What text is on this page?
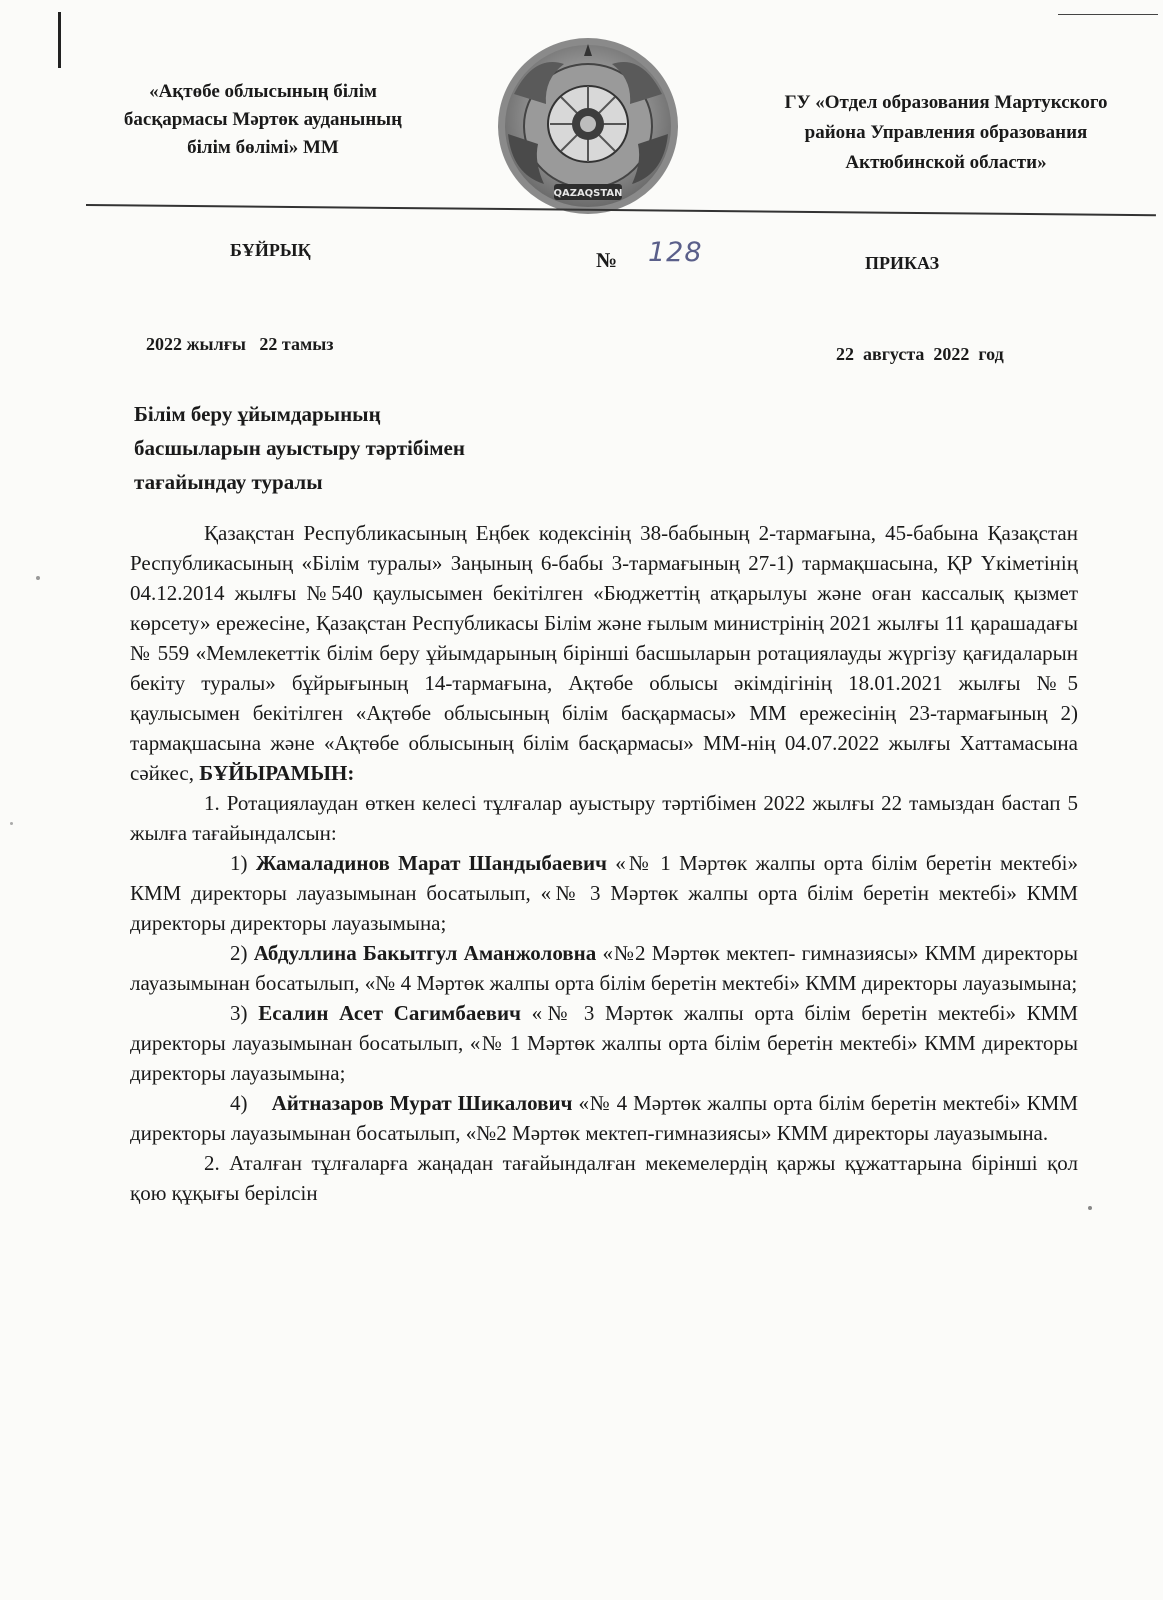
«Ақтөбе облысының білім
басқармасы Мәртөк ауданының
білім бөлімі» ММ
QAZAQSTAN
ГУ «Отдел образования Мартукского
района Управления образования
Актюбинской области»
БҰЙРЫҚ	№ 128	ПРИКАЗ
2022 жылғы   22 тамыз	22  августа  2022  год
Білім беру ұйымдарының
басшыларын ауыстыру тәртібімен
тағайындау туралы

Қазақстан Республикасының Еңбек кодексінің 38-бабының 2-тармағына, 45-бабына Қазақстан Республикасының «Білім туралы» Заңының 6-бабы 3-тармағының 27-1) тармақшасына, ҚР Үкіметінің 04.12.2014 жылғы №540 қаулысымен бекітілген «Бюджеттің атқарылуы және оған кассалық қызмет көрсету» ережесіне, Қазақстан Республикасы Білім және ғылым министрінің 2021 жылғы 11 қарашадағы № 559 «Мемлекеттік білім беру ұйымдарының бірінші басшыларын ротациялауды жүргізу қағидаларын бекіту туралы» бұйрығының 14-тармағына, Ақтөбе облысы әкімдігінің 18.01.2021 жылғы №5 қаулысымен бекітілген «Ақтөбе облысының білім басқармасы» ММ ережесінің 23-тармағының 2) тармақшасына және «Ақтөбе облысының білім басқармасы» ММ-нің 04.07.2022 жылғы Хаттамасына сәйкес, БҰЙЫРАМЫН:

1. Ротациялаудан өткен келесі тұлғалар ауыстыру тәртібімен 2022 жылғы 22 тамыздан бастап 5 жылға тағайындалсын:

1) Жамаладинов Марат Шандыбаевич «№ 1 Мәртөк жалпы орта білім беретін мектебі» КММ директоры лауазымынан босатылып, «№ 3 Мәртөк жалпы орта білім беретін мектебі» КММ директоры директоры лауазымына;

2) Абдуллина Бакытгул Аманжоловна «№2 Мәртөк мектеп- гимназиясы» КММ директоры лауазымынан босатылып, «№ 4 Мәртөк жалпы орта білім беретін мектебі» КММ директоры лауазымына;

3) Есалин Асет Сагимбаевич «№ 3 Мәртөк жалпы орта білім беретін мектебі» КММ директоры лауазымынан босатылып, «№ 1 Мәртөк жалпы орта білім беретін мектебі» КММ директоры директоры лауазымына;

4) Айтназаров Мурат Шикалович «№ 4 Мәртөк жалпы орта білім беретін мектебі» КММ директоры лауазымынан босатылып, «№2 Мәртөк мектеп-гимназиясы» КММ директоры лауазымына.

2. Аталған тұлғаларға жаңадан тағайындалған мекемелердің қаржы құжаттарына бірінші қол қою құқығы берілсін
